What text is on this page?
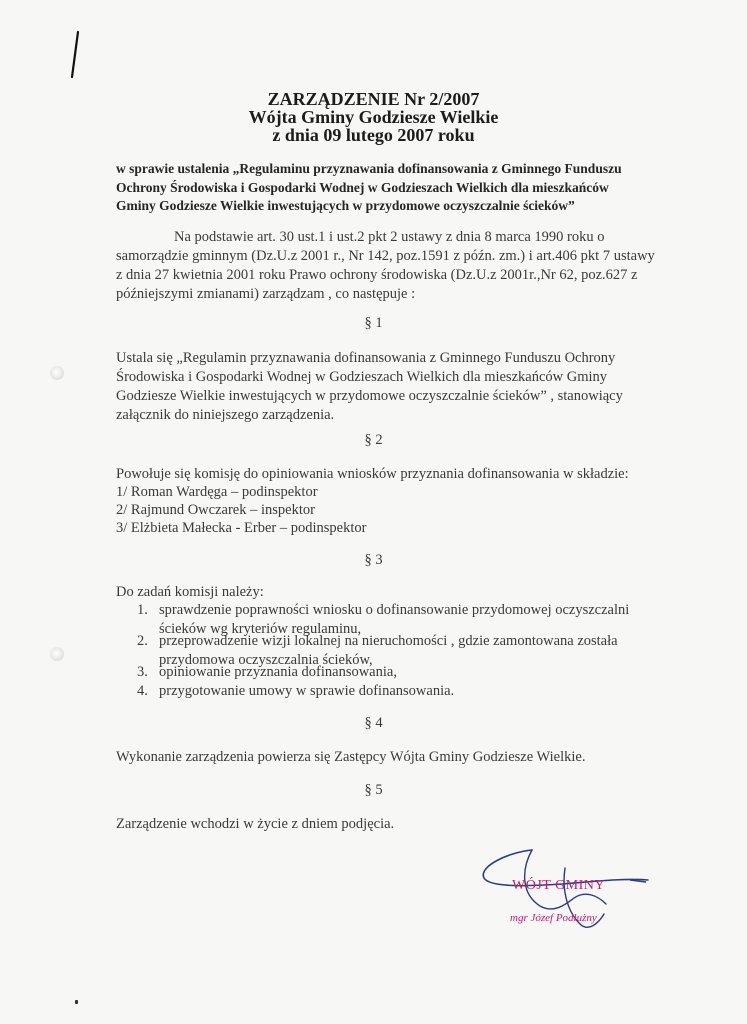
ZARZĄDZENIE Nr 2/2007
Wójta Gminy Godziesze Wielkie
z dnia 09 lutego 2007 roku
w sprawie ustalenia „Regulaminu przyznawania dofinansowania z Gminnego Funduszu
Ochrony Środowiska i Gospodarki Wodnej w Godzieszach Wielkich dla mieszkańców
Gminy Godziesze Wielkie inwestujących w przydomowe oczyszczalnie ścieków”
Na podstawie art. 30 ust.1 i ust.2 pkt 2 ustawy z dnia 8 marca 1990 roku o
samorządzie gminnym (Dz.U.z 2001 r., Nr 142, poz.1591 z późn. zm.) i art.406 pkt 7 ustawy
z dnia 27 kwietnia 2001 roku Prawo ochrony środowiska (Dz.U.z 2001r.,Nr 62, poz.627 z
późniejszymi zmianami) zarządzam , co następuje :
§ 1
Ustala się „Regulamin przyznawania dofinansowania z Gminnego Funduszu Ochrony
Środowiska i Gospodarki Wodnej w Godzieszach Wielkich dla mieszkańców Gminy
Godziesze Wielkie inwestujących w przydomowe oczyszczalnie ścieków” , stanowiący
załącznik do niniejszego zarządzenia.
§ 2
Powołuje się komisję do opiniowania wniosków przyznania dofinansowania w składzie:
1/ Roman Wardęga – podinspektor
2/ Rajmund Owczarek – inspektor
3/ Elżbieta Małecka - Erber – podinspektor
§ 3
Do zadań komisji należy:
1. sprawdzenie poprawności wniosku o dofinansowanie przydomowej oczyszczalni
ścieków wg kryteriów regulaminu,
2. przeprowadzenie wizji lokalnej na nieruchomości , gdzie zamontowana została
przydomowa oczyszczalnia ścieków,
3. opiniowanie przyznania dofinansowania,
4. przygotowanie umowy w sprawie dofinansowania.
§ 4
Wykonanie zarządzenia powierza się Zastępcy Wójta Gminy Godziesze Wielkie.
§ 5
Zarządzenie wchodzi w życie z dniem podjęcia.
WÓJT GMINY
mgr Józef Podłużny
